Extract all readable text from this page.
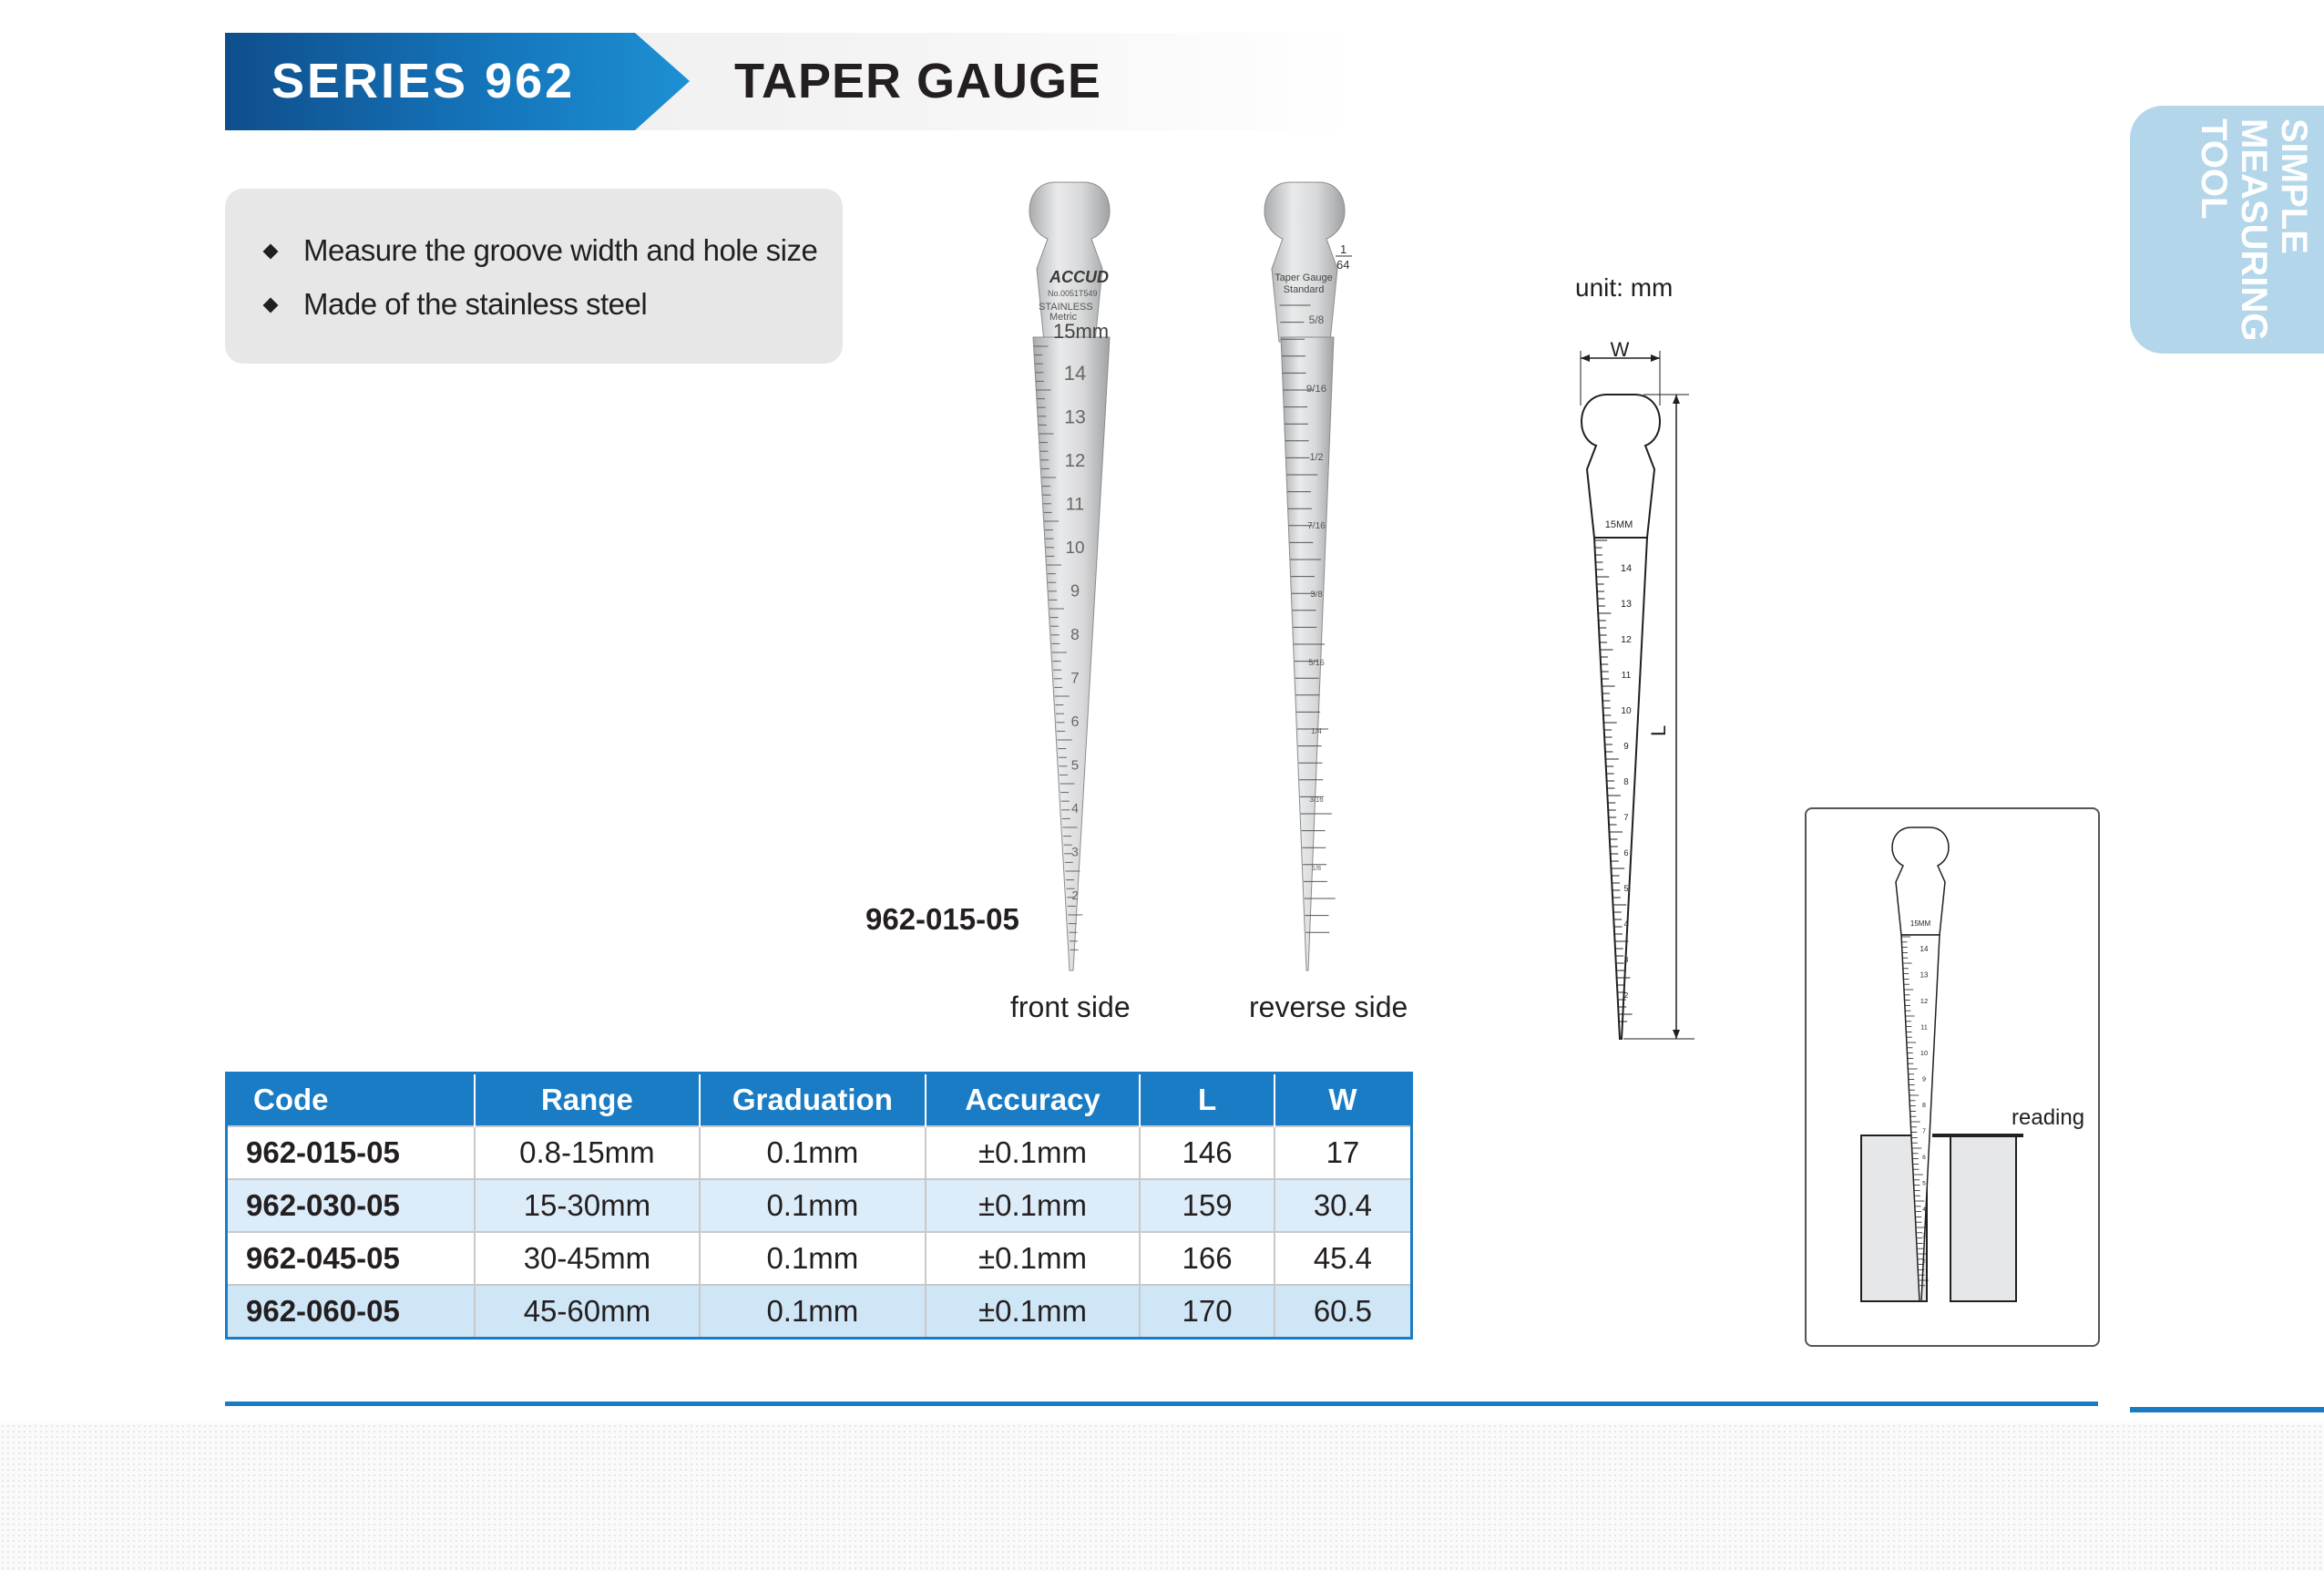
SERIES 962	TAPER GAUGE
SIMPLE
MEASURING TOOL
Measure the groove width and hole size
Made of the stainless steel
ACCUD
No.0051T549
STAINLESS
Metric
15mm
14
13
12
11
10
9
8
7
6
5
4
3
2
1
64
Taper Gauge
Standard
5/8
9/16
1/2
7/16
3/8
5/16
1/4
3/16
1/8
962-015-05
front side	reverse side
unit: mm
W
L
15MM
14
13
12
11
10
9
8
7
6
5
4
3
2
reading
15MM
14
13
12
11
10
9
8
7
6
5
4
3
2
Code	Range	Graduation	Accuracy	L	W
962-015-05	0.8-15mm	0.1mm	±0.1mm	146	17
962-030-05	15-30mm	0.1mm	±0.1mm	159	30.4
962-045-05	30-45mm	0.1mm	±0.1mm	166	45.4
962-060-05	45-60mm	0.1mm	±0.1mm	170	60.5
